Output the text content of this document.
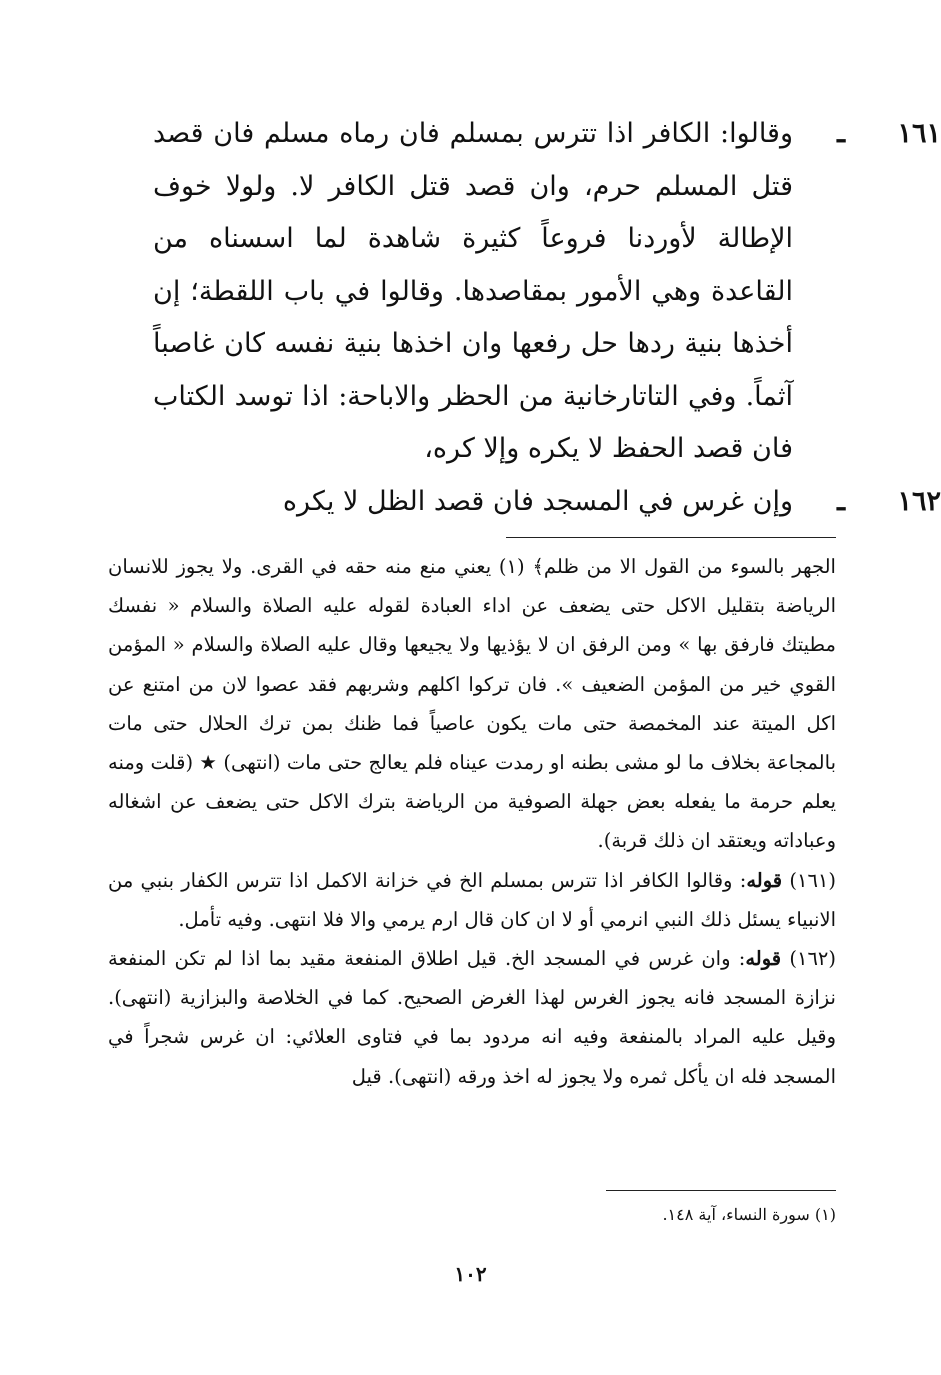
١٦١
ـ
وقالوا: الكافر اذا تترس بمسلم فان رماه مسلم فان قصد قتل المسلم حرم، وان قصد قتل الكافر لا. ولولا خوف الإطالة لأوردنا فروعاً كثيرة شاهدة لما اسسناه من القاعدة وهي الأمور بمقاصدها. وقالوا في باب اللقطة؛ إن أخذها بنية ردها حل رفعها وان اخذها بنية نفسه كان غاصباً آثماً. وفي التاتارخانية من الحظر والاباحة: اذا توسد الكتاب فان قصد الحفظ لا يكره وإلا كره،
١٦٢
ـ
وإن غرس في المسجد فان قصد الظل لا يكره

الجهر بالسوء من القول الا من ظلم﴾ (١) يعني منع منه حقه في القرى. ولا يجوز للانسان الرياضة بتقليل الاكل حتى يضعف عن اداء العبادة لقوله عليه الصلاة والسلام « نفسك مطيتك فارفق بها » ومن الرفق ان لا يؤذيها ولا يجيعها وقال عليه الصلاة والسلام « المؤمن القوي خير من المؤمن الضعيف ». فان تركوا اكلهم وشربهم فقد عصوا لان من امتنع عن اكل الميتة عند المخمصة حتى مات يكون عاصياً فما ظنك بمن ترك الحلال حتى مات بالمجاعة بخلاف ما لو مشى بطنه او رمدت عيناه فلم يعالج حتى مات (انتهى) ★ (قلت ومنه يعلم حرمة ما يفعله بعض جهلة الصوفية من الرياضة بترك الاكل حتى يضعف عن اشغاله وعباداته ويعتقد ان ذلك قربة).

(١٦١) قوله: وقالوا الكافر اذا تترس بمسلم الخ في خزانة الاكمل اذا تترس الكفار بنبي من الانبياء يسئل ذلك النبي انرمي أو لا ان كان قال ارم يرمي والا فلا انتهى. وفيه تأمل.

(١٦٢) قوله: وان غرس في المسجد الخ. قيل اطلاق المنفعة مقيد بما اذا لم تكن المنفعة نزازة المسجد فانه يجوز الغرس لهذا الغرض الصحيح. كما في الخلاصة والبزازية (انتهى). وقيل عليه المراد بالمنفعة وفيه انه مردود بما في فتاوى العلائي: ان غرس شجراً في المسجد فله ان يأكل ثمره ولا يجوز له اخذ ورقه (انتهى). قيل

(١) سورة النساء، آية ١٤٨.
١٠٢
